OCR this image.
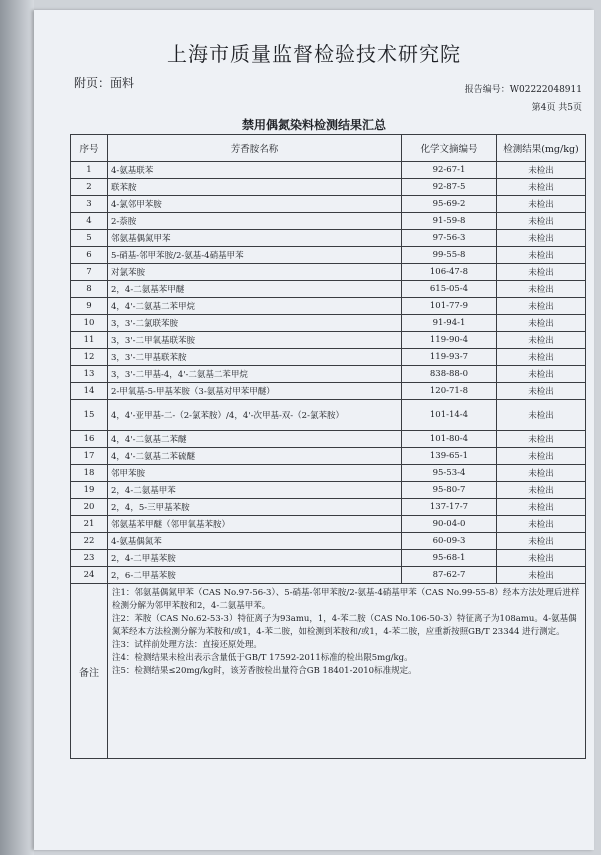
上海市质量监督检验技术研究院
附页：面料	报告编号：W02222048911
第4页 共5页
禁用偶氮染料检测结果汇总
序号	芳香胺名称	化学文摘编号	检测结果(mg/kg)
1	4-氨基联苯	92-67-1	未检出
2	联苯胺	92-87-5	未检出
3	4-氯邻甲苯胺	95-69-2	未检出
4	2-萘胺	91-59-8	未检出
5	邻氨基偶氮甲苯	97-56-3	未检出
6	5-硝基-邻甲苯胺/2-氨基-4硝基甲苯	99-55-8	未检出
7	对氯苯胺	106-47-8	未检出
8	2，4-二氨基苯甲醚	615-05-4	未检出
9	4，4'-二氨基二苯甲烷	101-77-9	未检出
10	3，3'-二氯联苯胺	91-94-1	未检出
11	3，3'-二甲氧基联苯胺	119-90-4	未检出
12	3，3'-二甲基联苯胺	119-93-7	未检出
13	3，3'-二甲基-4，4'-二氨基二苯甲烷	838-88-0	未检出
14	2-甲氧基-5-甲基苯胺（3-氨基对甲苯甲醚）	120-71-8	未检出
15	4，4'-亚甲基-二-（2-氯苯胺）/4，4'-次甲基-双-（2-氯苯胺）	101-14-4	未检出
16	4，4'-二氨基二苯醚	101-80-4	未检出
17	4，4'-二氨基二苯硫醚	139-65-1	未检出
18	邻甲苯胺	95-53-4	未检出
19	2，4-二氨基甲苯	95-80-7	未检出
20	2，4，5-三甲基苯胺	137-17-7	未检出
21	邻氨基苯甲醚（邻甲氧基苯胺）	90-04-0	未检出
22	4-氨基偶氮苯	60-09-3	未检出
23	2，4-二甲基苯胺	95-68-1	未检出
24	2，6-二甲基苯胺	87-62-7	未检出
备注	注1：邻氨基偶氮甲苯（CAS No.97-56-3）、5-硝基-邻甲苯胺/2-氨基-4硝基甲苯（CAS No.99-55-8）经本方法处理后进样检测分解为邻甲苯胺和2，4-二氨基甲苯。
注2：苯胺（CAS No.62-53-3）特征离子为93amu，1，4-苯二胺（CAS No.106-50-3）特征离子为108amu。4-氨基偶氮苯经本方法检测分解为苯胺和/或1，4-苯二胺，如检测到苯胺和/或1，4-苯二胺，应重新按照GB/T 23344 进行测定。
注3：试样前处理方法：直接还原处理。
注4：检测结果未检出表示含量低于GB/T 17592-2011标准的检出限5mg/kg。
注5：检测结果≤20mg/kg时，该芳香胺检出量符合GB 18401-2010标准规定。		
